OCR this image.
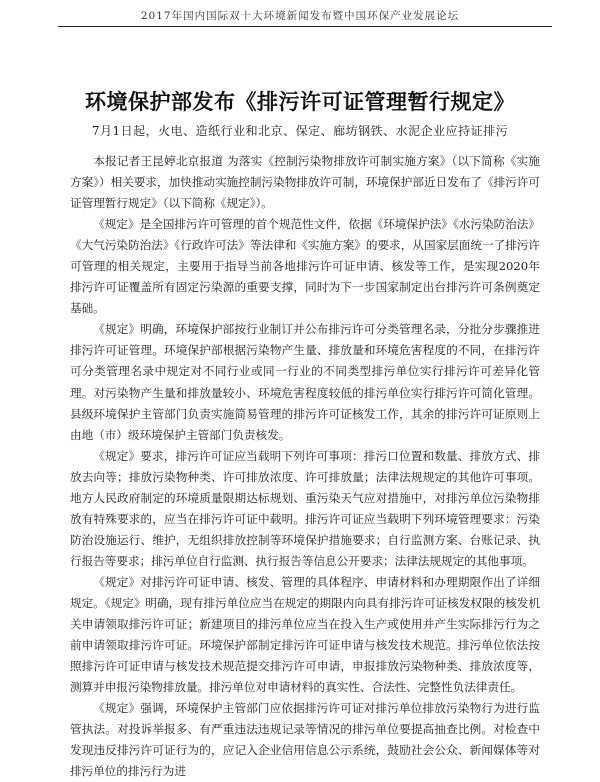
2017年国内国际双十大环境新闻发布暨中国环保产业发展论坛
环境保护部发布《排污许可证管理暂行规定》
7月1日起，火电、造纸行业和北京、保定、廊坊钢铁、水泥企业应持证排污

本报记者王昆婷北京报道 为落实《控制污染物排放许可制实施方案》（以下简称《实施方案》）相关要求，加快推动实施控制污染物排放许可制，环境保护部近日发布了《排污许可证管理暂行规定》（以下简称《规定》）。

《规定》是全国排污许可管理的首个规范性文件，依据《环境保护法》《水污染防治法》《大气污染防治法》《行政许可法》等法律和《实施方案》的要求，从国家层面统一了排污许可管理的相关规定，主要用于指导当前各地排污许可证申请、核发等工作，是实现2020年排污许可证覆盖所有固定污染源的重要支撑，同时为下一步国家制定出台排污许可条例奠定基础。

《规定》明确，环境保护部按行业制订并公布排污许可分类管理名录，分批分步骤推进排污许可证管理。环境保护部根据污染物产生量、排放量和环境危害程度的不同，在排污许可分类管理名录中规定对不同行业或同一行业的不同类型排污单位实行排污许可差异化管理。对污染物产生量和排放量较小、环境危害程度较低的排污单位实行排污许可简化管理。县级环境保护主管部门负责实施简易管理的排污许可证核发工作，其余的排污许可证原则上由地（市）级环境保护主管部门负责核发。

《规定》要求，排污许可证应当载明下列许可事项：排污口位置和数量、排放方式、排放去向等；排放污染物种类、许可排放浓度、许可排放量；法律法规规定的其他许可事项。地方人民政府制定的环境质量限期达标规划、重污染天气应对措施中，对排污单位污染物排放有特殊要求的，应当在排污许可证中载明。排污许可证应当载明下列环境管理要求：污染防治设施运行、维护，无组织排放控制等环境保护措施要求；自行监测方案、台账记录、执行报告等要求；排污单位自行监测、执行报告等信息公开要求；法律法规规定的其他事项。

《规定》对排污许可证申请、核发、管理的具体程序、申请材料和办理期限作出了详细规定。《规定》明确，现有排污单位应当在规定的期限内向具有排污许可证核发权限的核发机关申请领取排污许可证；新建项目的排污单位应当在投入生产或使用并产生实际排污行为之前申请领取排污许可证。环境保护部制定排污许可证申请与核发技术规范。排污单位依法按照排污许可证申请与核发技术规范提交排污许可申请，申报排放污染物种类、排放浓度等，测算并申报污染物排放量。排污单位对申请材料的真实性、合法性、完整性负法律责任。

《规定》强调，环境保护主管部门应依据排污许可证对排污单位排放污染物行为进行监管执法。对投诉举报多、有严重违法违规记录等情况的排污单位要提高抽查比例。对检查中发现违反排污许可证行为的，应记入企业信用信息公示系统，鼓励社会公众、新闻媒体等对排污单位的排污行为进
